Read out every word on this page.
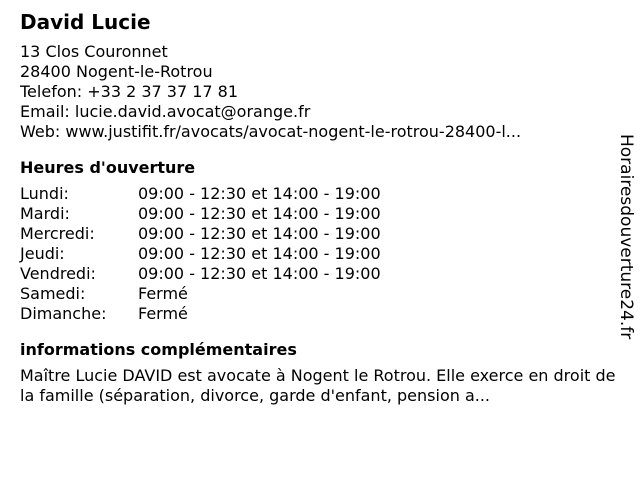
David Lucie
13 Clos Couronnet
28400 Nogent-le-Rotrou
Telefon: +33 2 37 37 17 81
Email: lucie.david.avocat@orange.fr
Web: www.justifit.fr/avocats/avocat-nogent-le-rotrou-28400-l...
Heures d'ouverture
Lundi:	09:00 - 12:30 et 14:00 - 19:00
Mardi:	09:00 - 12:30 et 14:00 - 19:00
Mercredi:	09:00 - 12:30 et 14:00 - 19:00
Jeudi:	09:00 - 12:30 et 14:00 - 19:00
Vendredi:	09:00 - 12:30 et 14:00 - 19:00
Samedi:	Fermé
Dimanche:	Fermé
informations complémentaires
Maître Lucie DAVID est avocate à Nogent le Rotrou. Elle exerce en droit de la famille (séparation, divorce, garde d'enfant, pension a...
Horairesdouverture24.fr
